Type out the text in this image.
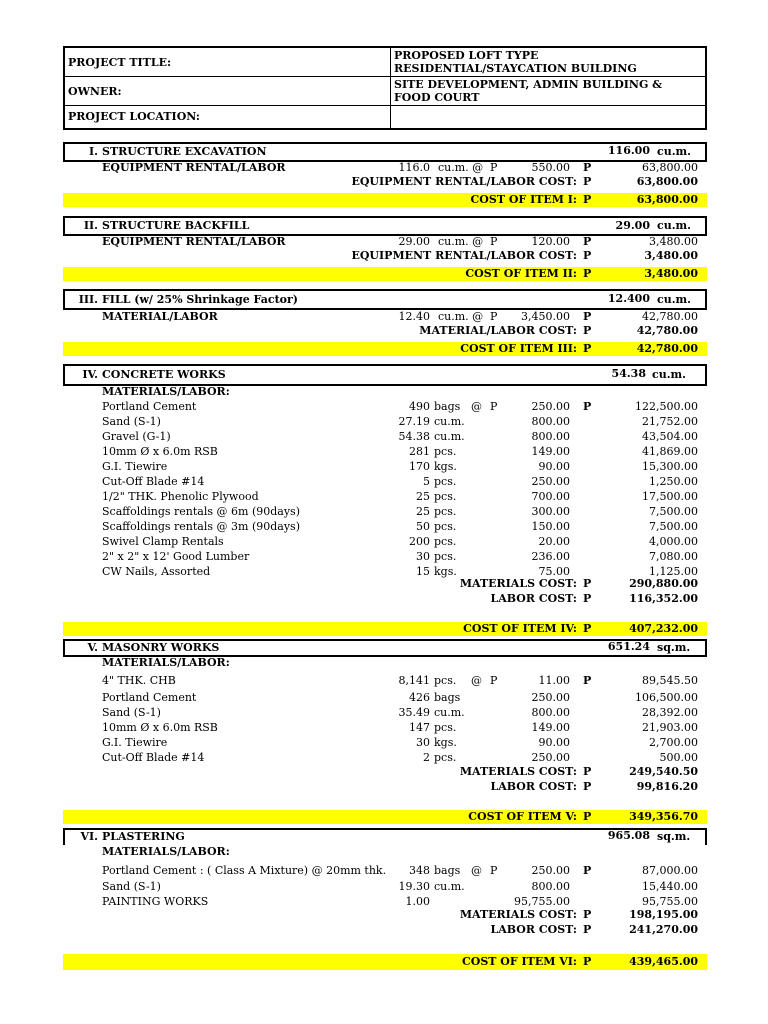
PROJECT TITLE:	PROPOSED LOFT TYPE RESIDENTIAL/STAYCATION BUILDING
OWNER:	SITE DEVELOPMENT, ADMIN BUILDING & FOOD COURT
PROJECT LOCATION:	
I. STRUCTURE EXCAVATION	116.00 cu.m.
EQUIPMENT RENTAL/LABOR	116.0 cu.m. @ P	550.00 P	63,800.00
EQUIPMENT RENTAL/LABOR COST: P	63,800.00
COST OF ITEM I: P	63,800.00
II. STRUCTURE BACKFILL	29.00 cu.m.
EQUIPMENT RENTAL/LABOR	29.00 cu.m. @ P	120.00 P	3,480.00
EQUIPMENT RENTAL/LABOR COST: P	3,480.00
COST OF ITEM II: P	3,480.00
III. FILL (w/ 25% Shrinkage Factor)	12.400 cu.m.
MATERIAL/LABOR	12.40 cu.m. @ P	3,450.00 P	42,780.00
MATERIAL/LABOR COST: P	42,780.00
COST OF ITEM III: P	42,780.00
IV. CONCRETE WORKS	54.38 cu.m.
MATERIALS/LABOR:
Portland Cement	490 bags @ P	250.00 P	122,500.00
Sand (S-1)	27.19 cu.m.	800.00	21,752.00
Gravel (G-1)	54.38 cu.m.	800.00	43,504.00
10mm Ø x 6.0m RSB	281 pcs.	149.00	41,869.00
G.I. Tiewire	170 kgs.	90.00	15,300.00
Cut-Off Blade #14	5 pcs.	250.00	1,250.00
1/2" THK. Phenolic Plywood	25 pcs.	700.00	17,500.00
Scaffoldings rentals @ 6m (90days)	25 pcs.	300.00	7,500.00
Scaffoldings rentals @ 3m (90days)	50 pcs.	150.00	7,500.00
Swivel Clamp Rentals	200 pcs.	20.00	4,000.00
2" x 2" x 12' Good Lumber	30 pcs.	236.00	7,080.00
CW Nails, Assorted	15 kgs.	75.00	1,125.00
MATERIALS COST: P	290,880.00
LABOR COST: P	116,352.00
COST OF ITEM IV: P	407,232.00
V. MASONRY WORKS	651.24 sq.m.
MATERIALS/LABOR:
4" THK. CHB	8,141 pcs. @ P	11.00 P	89,545.50
Portland Cement	426 bags	250.00	106,500.00
Sand (S-1)	35.49 cu.m.	800.00	28,392.00
10mm Ø x 6.0m RSB	147 pcs.	149.00	21,903.00
G.I. Tiewire	30 kgs.	90.00	2,700.00
Cut-Off Blade #14	2 pcs.	250.00	500.00
MATERIALS COST: P	249,540.50
LABOR COST: P	99,816.20
COST OF ITEM V: P	349,356.70
VI. PLASTERING	965.08 sq.m.
MATERIALS/LABOR:
Portland Cement : ( Class A Mixture) @ 20mm thk.	348 bags @ P	250.00 P	87,000.00
Sand (S-1)	19.30 cu.m.	800.00	15,440.00
PAINTING WORKS	1.00	95,755.00	95,755.00
MATERIALS COST: P	198,195.00
LABOR COST: P	241,270.00
COST OF ITEM VI: P	439,465.00
